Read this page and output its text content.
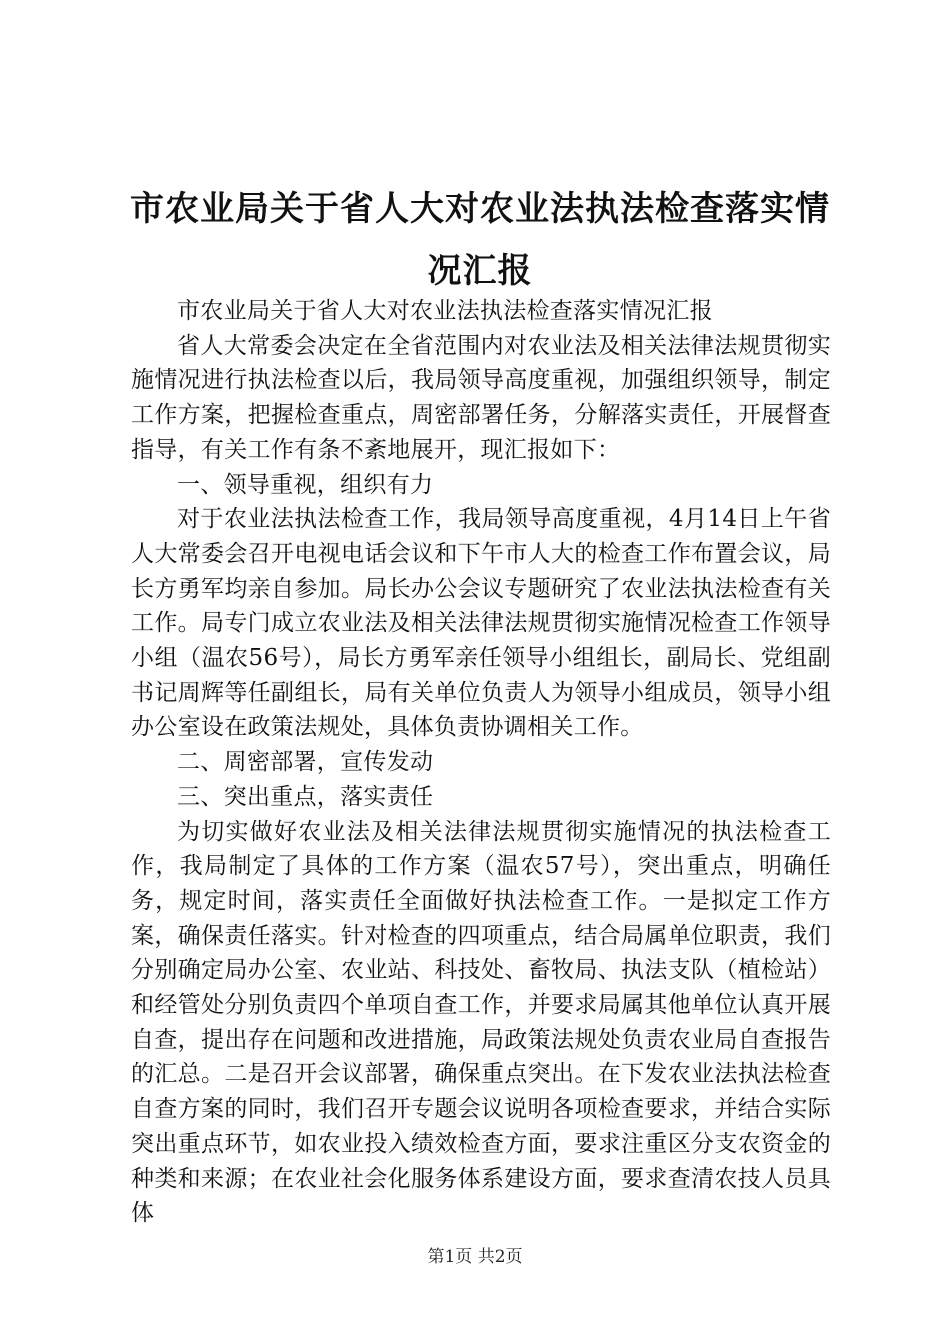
市农业局关于省人大对农业法执法检查落实情况汇报

市农业局关于省人大对农业法执法检查落实情况汇报

省人大常委会决定在全省范围内对农业法及相关法律法规贯彻实施情况进行执法检查以后，我局领导高度重视，加强组织领导，制定工作方案，把握检查重点，周密部署任务，分解落实责任，开展督查指导，有关工作有条不紊地展开，现汇报如下：

一、领导重视，组织有力

对于农业法执法检查工作，我局领导高度重视，4月14日上午省人大常委会召开电视电话会议和下午市人大的检查工作布置会议，局长方勇军均亲自参加。局长办公会议专题研究了农业法执法检查有关工作。局专门成立农业法及相关法律法规贯彻实施情况检查工作领导小组（温农56号），局长方勇军亲任领导小组组长，副局长、党组副书记周辉等任副组长，局有关单位负责人为领导小组成员，领导小组办公室设在政策法规处，具体负责协调相关工作。

二、周密部署，宣传发动

三、突出重点，落实责任

为切实做好农业法及相关法律法规贯彻实施情况的执法检查工作，我局制定了具体的工作方案（温农57号），突出重点，明确任务，规定时间，落实责任全面做好执法检查工作。一是拟定工作方案，确保责任落实。针对检查的四项重点，结合局属单位职责，我们分别确定局办公室、农业站、科技处、畜牧局、执法支队（植检站）和经管处分别负责四个单项自查工作，并要求局属其他单位认真开展自查，提出存在问题和改进措施，局政策法规处负责农业局自查报告的汇总。二是召开会议部署，确保重点突出。在下发农业法执法检查自查方案的同时，我们召开专题会议说明各项检查要求，并结合实际突出重点环节，如农业投入绩效检查方面，要求注重区分支农资金的种类和来源；在农业社会化服务体系建设方面，要求查清农技人员具体

第1页 共2页
